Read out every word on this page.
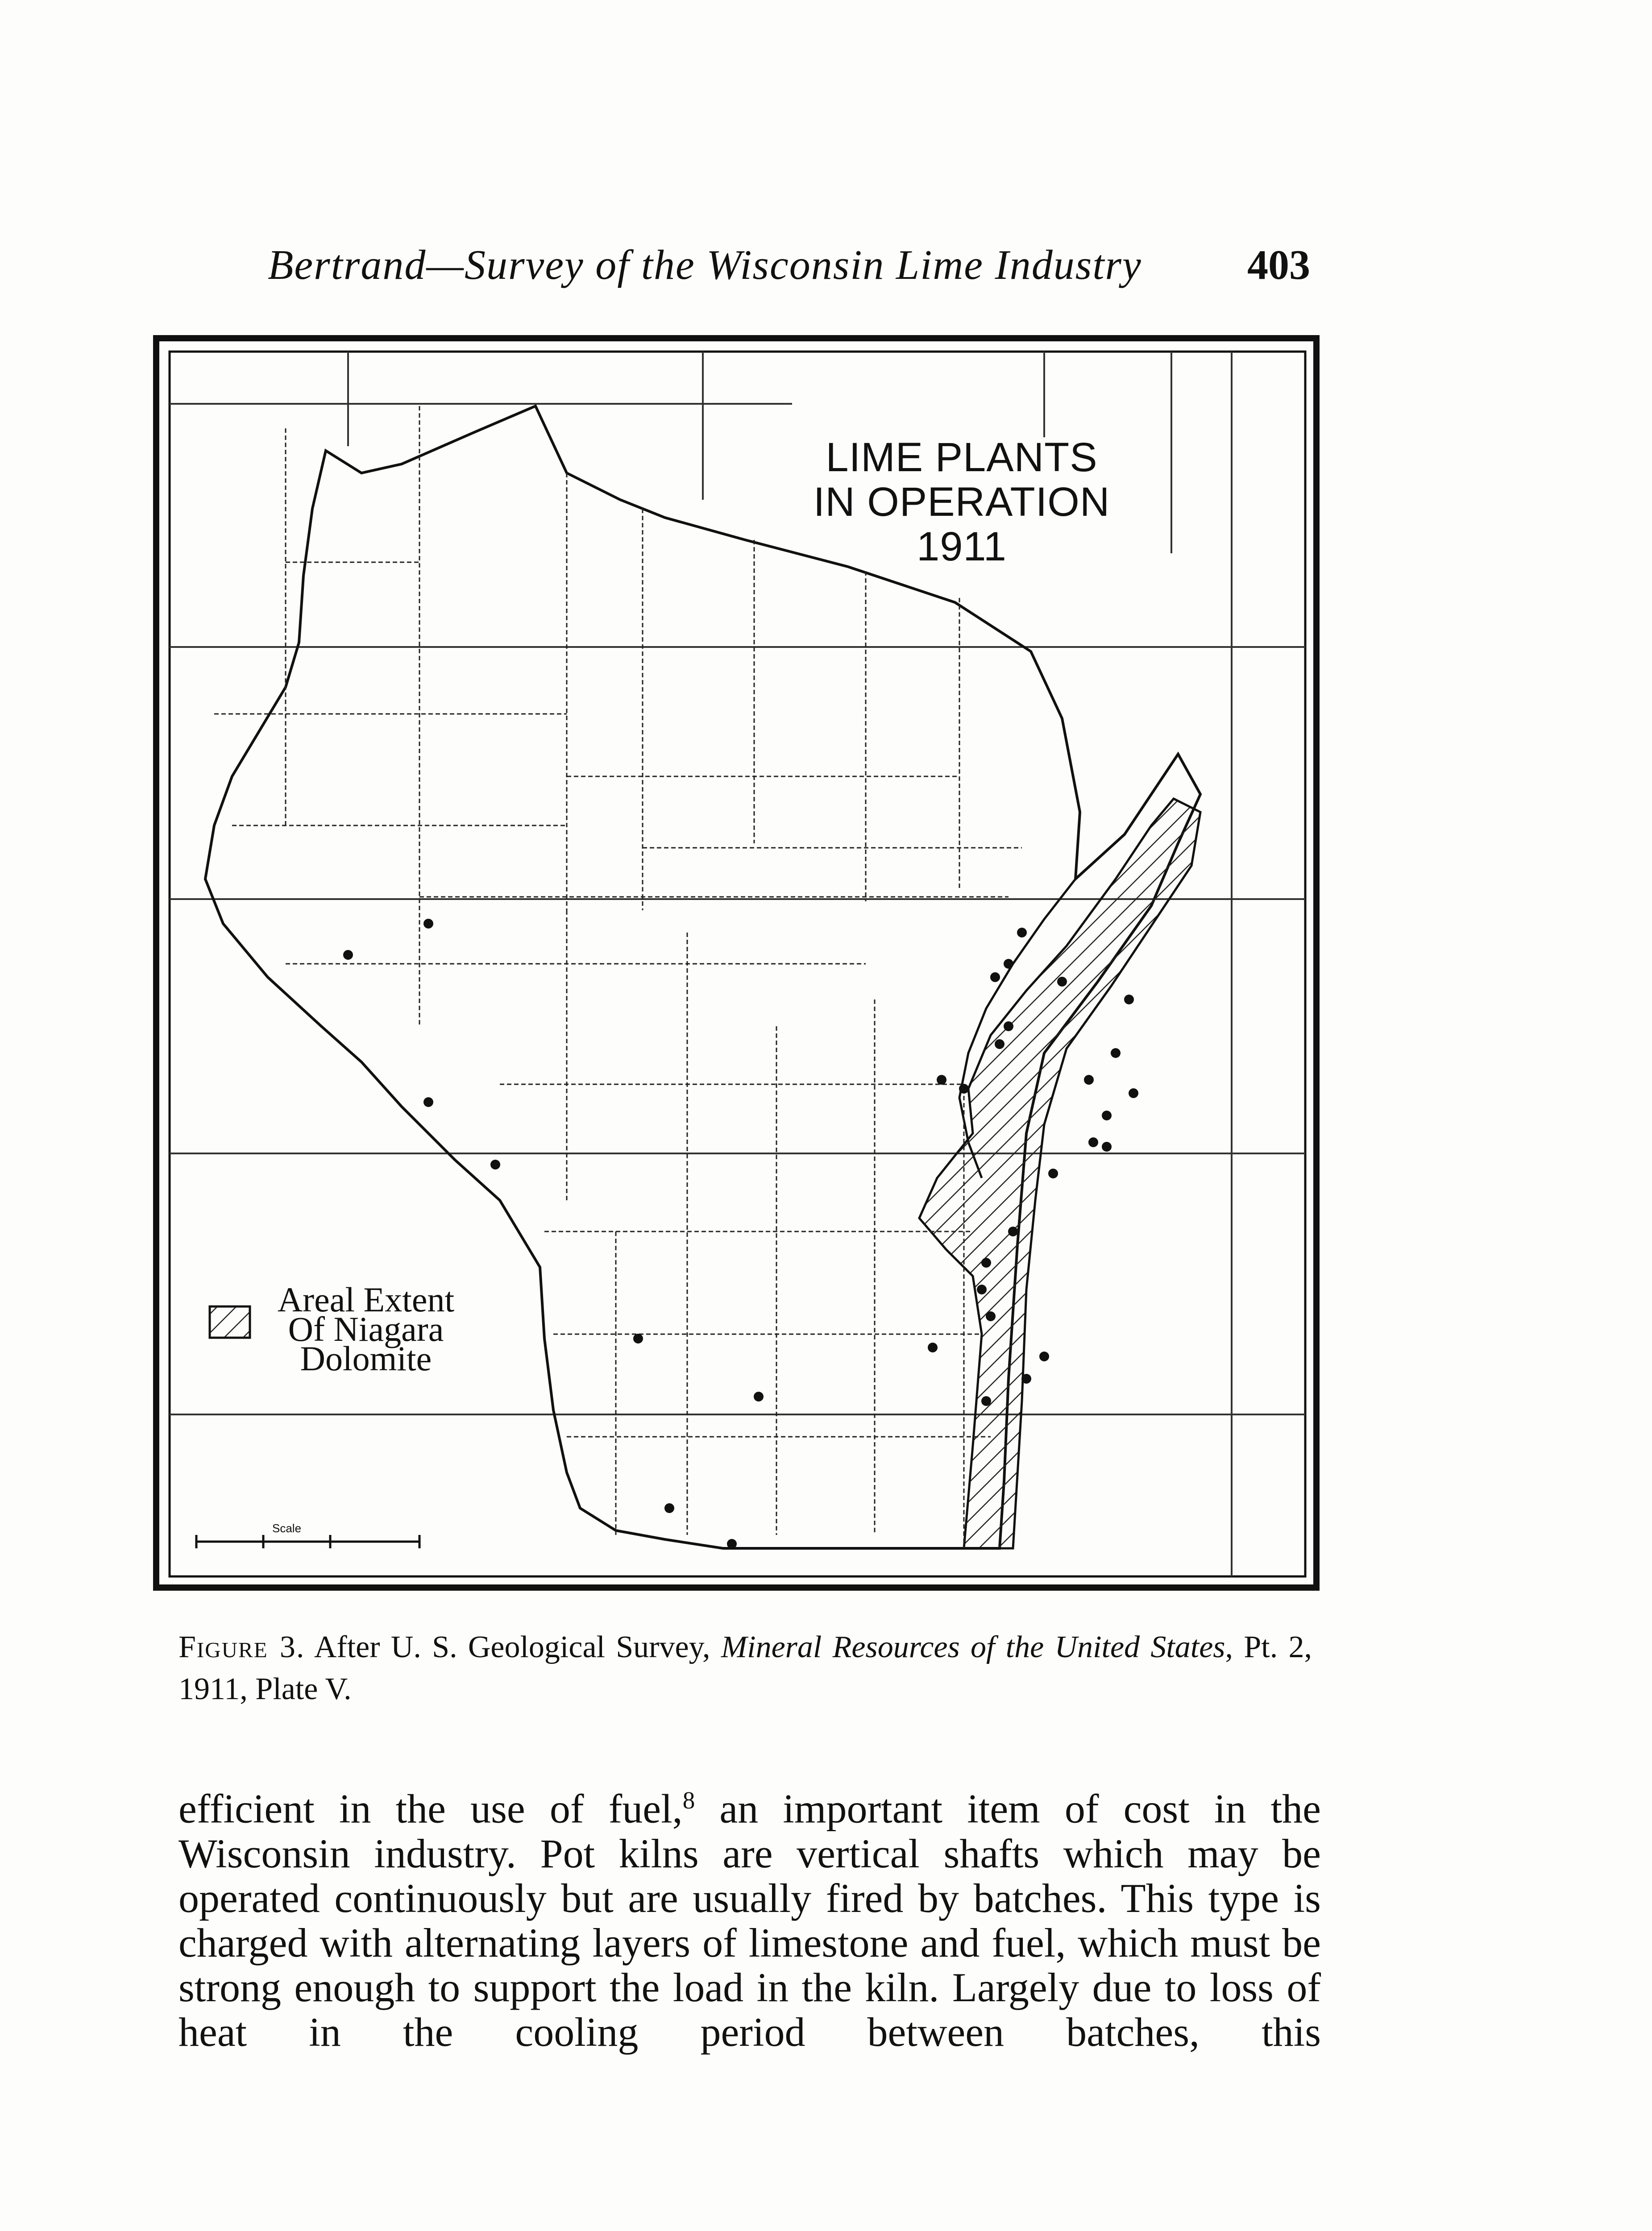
Bertrand—Survey of the Wisconsin Lime Industry	403
LIME PLANTS
IN OPERATION
1911
Areal Extent
Of Niagara
Dolomite
Scale
Figure 3. After U. S. Geological Survey, Mineral Resources of the United States, Pt. 2, 1911, Plate V.

efficient in the use of fuel,$^8$ an important item of cost in the Wisconsin industry. Pot kilns are vertical shafts which may be operated continuously but are usually fired by batches. This type is charged with alternating layers of limestone and fuel, which must be strong enough to support the load in the kiln. Largely due to loss of heat in the cooling period between batches, this
